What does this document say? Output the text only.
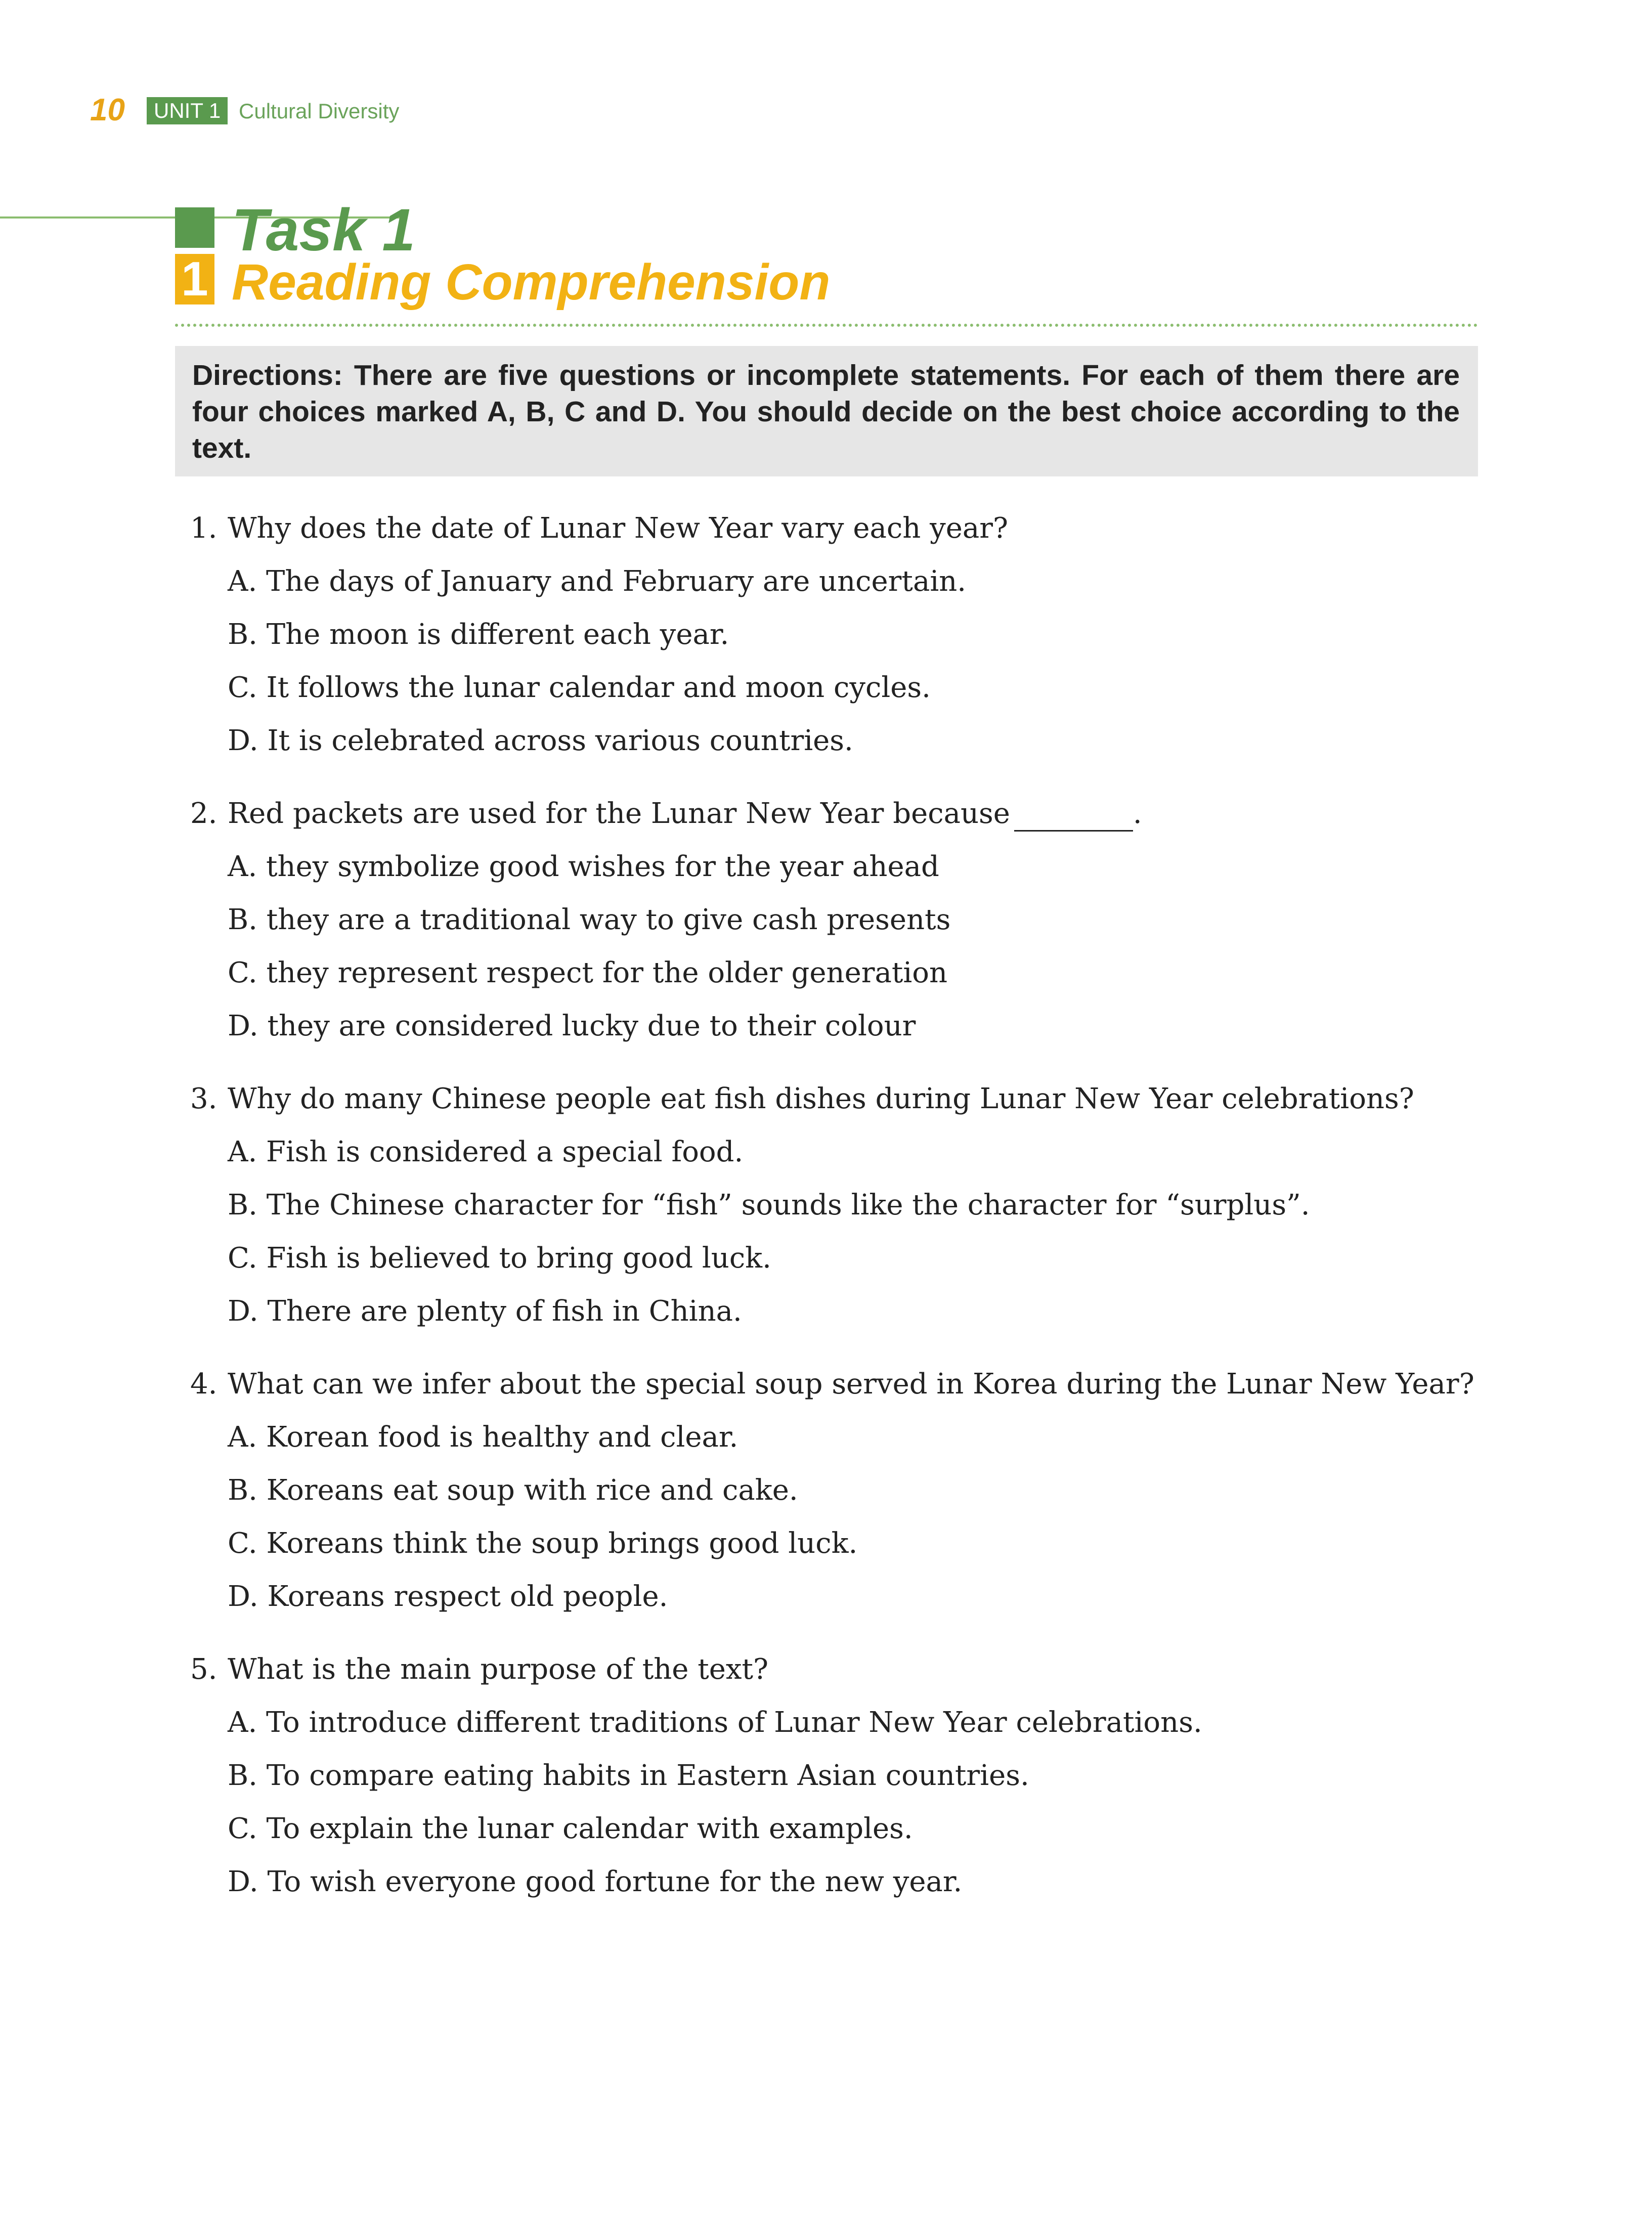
10	UNIT 1 Cultural Diversity
1
Task 1
Reading Comprehension
Directions: There are five questions or incomplete statements. For each of them there are four choices marked A, B, C and D. You should decide on the best choice according to the text.
1. Why does the date of Lunar New Year vary each year?
A. The days of January and February are uncertain.
B. The moon is different each year.
C. It follows the lunar calendar and moon cycles.
D. It is celebrated across various countries.
2. Red packets are used for the Lunar New Year because	.
A. they symbolize good wishes for the year ahead
B. they are a traditional way to give cash presents
C. they represent respect for the older generation
D. they are considered lucky due to their colour
3. Why do many Chinese people eat fish dishes during Lunar New Year celebrations?
A. Fish is considered a special food.
B. The Chinese character for “fish” sounds like the character for “surplus”.
C. Fish is believed to bring good luck.
D. There are plenty of fish in China.
4. What can we infer about the special soup served in Korea during the Lunar New Year?
A. Korean food is healthy and clear.
B. Koreans eat soup with rice and cake.
C. Koreans think the soup brings good luck.
D. Koreans respect old people.
5. What is the main purpose of the text?
A. To introduce different traditions of Lunar New Year celebrations.
B. To compare eating habits in Eastern Asian countries.
C. To explain the lunar calendar with examples.
D. To wish everyone good fortune for the new year.
